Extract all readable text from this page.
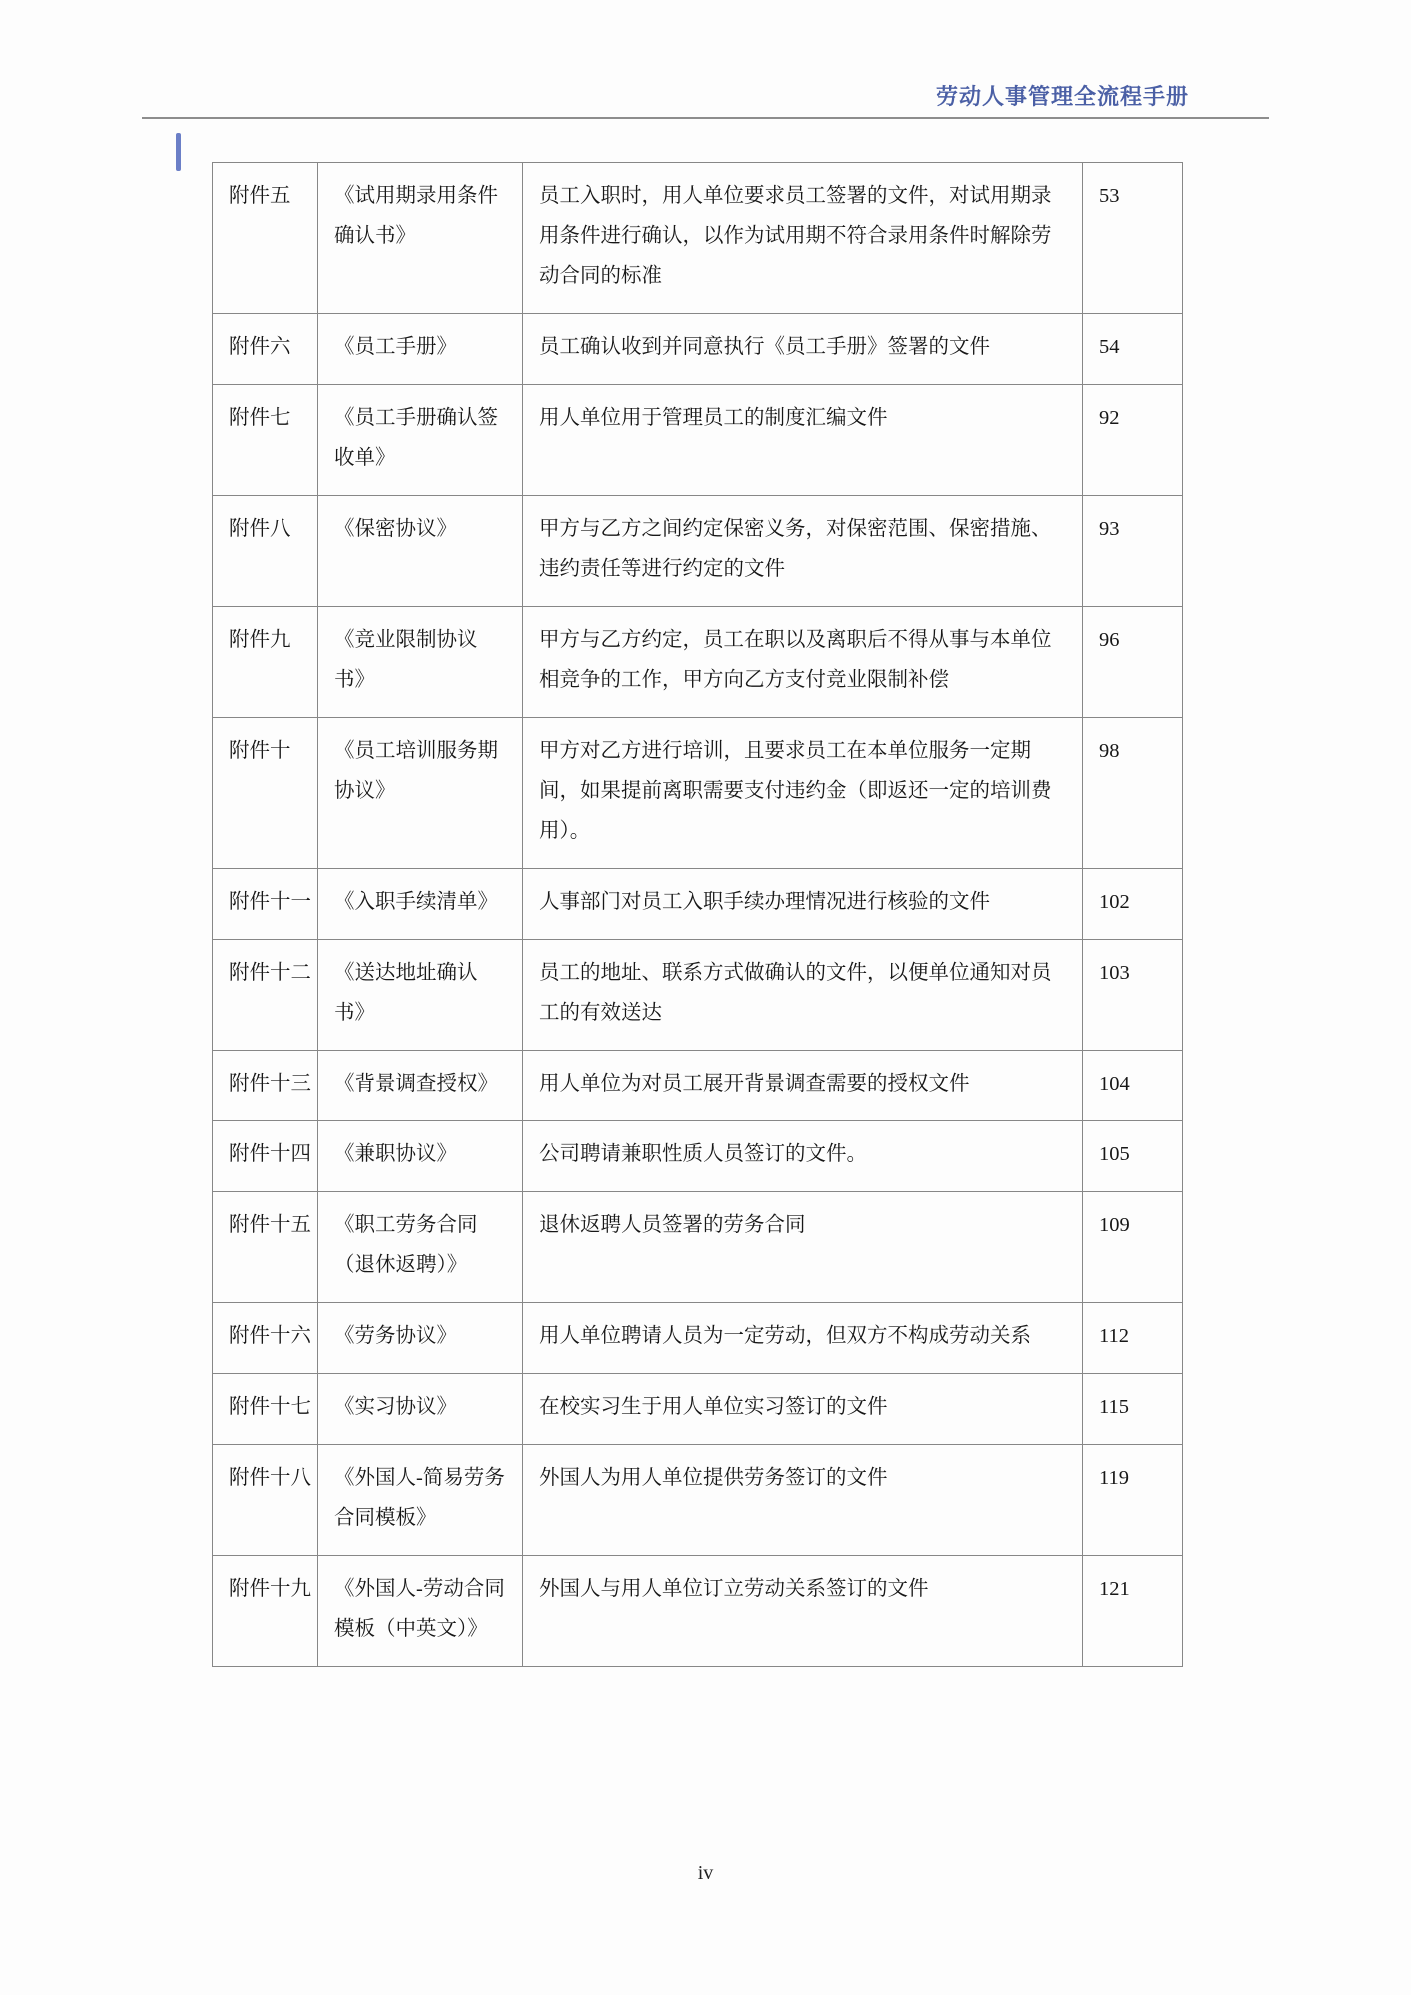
劳动人事管理全流程手册
附件五	《试用期录用条件确认书》	员工入职时，用人单位要求员工签署的文件，对试用期录用条件进行确认，以作为试用期不符合录用条件时解除劳动合同的标准	53
附件六	《员工手册》	员工确认收到并同意执行《员工手册》签署的文件	54
附件七	《员工手册确认签收单》	用人单位用于管理员工的制度汇编文件	92
附件八	《保密协议》	甲方与乙方之间约定保密义务，对保密范围、保密措施、违约责任等进行约定的文件	93
附件九	《竞业限制协议书》	甲方与乙方约定，员工在职以及离职后不得从事与本单位相竞争的工作，甲方向乙方支付竞业限制补偿	96
附件十	《员工培训服务期协议》	甲方对乙方进行培训，且要求员工在本单位服务一定期间，如果提前离职需要支付违约金（即返还一定的培训费用）。	98
附件十一	《入职手续清单》	人事部门对员工入职手续办理情况进行核验的文件	102
附件十二	《送达地址确认书》	员工的地址、联系方式做确认的文件，以便单位通知对员工的有效送达	103
附件十三	《背景调查授权》	用人单位为对员工展开背景调查需要的授权文件	104
附件十四	《兼职协议》	公司聘请兼职性质人员签订的文件。	105
附件十五	《职工劳务合同（退休返聘）》	退休返聘人员签署的劳务合同	109
附件十六	《劳务协议》	用人单位聘请人员为一定劳动，但双方不构成劳动关系	112
附件十七	《实习协议》	在校实习生于用人单位实习签订的文件	115
附件十八	《外国人-简易劳务合同模板》	外国人为用人单位提供劳务签订的文件	119
附件十九	《外国人-劳动合同模板（中英文）》	外国人与用人单位订立劳动关系签订的文件	121
iv
